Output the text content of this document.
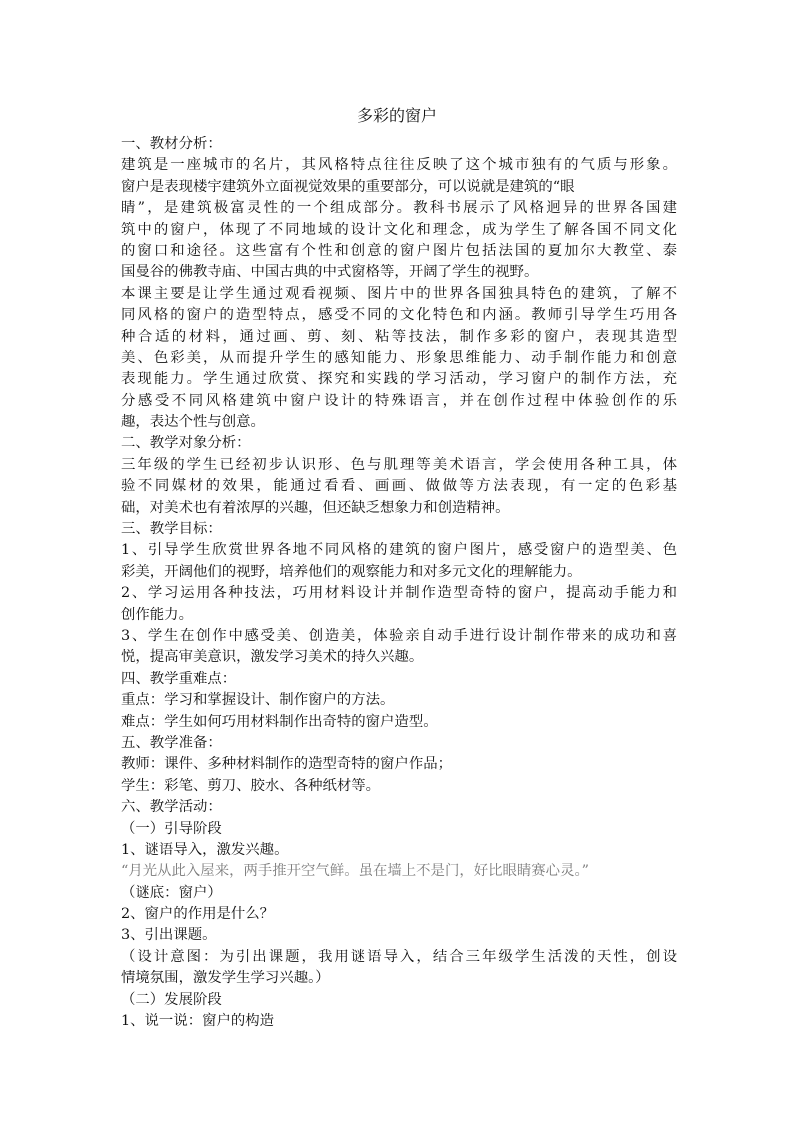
多彩的窗户
一、教材分析：
建筑是一座城市的名片，其风格特点往往反映了这个城市独有的气质与形象。
窗户是表现楼宇建筑外立面视觉效果的重要部分，可以说就是建筑的“眼
睛”，是建筑极富灵性的一个组成部分。教科书展示了风格迥异的世界各国建
筑中的窗户，体现了不同地域的设计文化和理念，成为学生了解各国不同文化
的窗口和途径。这些富有个性和创意的窗户图片包括法国的夏加尔大教堂、泰
国曼谷的佛教寺庙、中国古典的中式窗格等，开阔了学生的视野。
本课主要是让学生通过观看视频、图片中的世界各国独具特色的建筑，了解不
同风格的窗户的造型特点，感受不同的文化特色和内涵。教师引导学生巧用各
种合适的材料，通过画、剪、刻、粘等技法，制作多彩的窗户，表现其造型
美、色彩美，从而提升学生的感知能力、形象思维能力、动手制作能力和创意
表现能力。学生通过欣赏、探究和实践的学习活动，学习窗户的制作方法，充
分感受不同风格建筑中窗户设计的特殊语言，并在创作过程中体验创作的乐
趣，表达个性与创意。
二、教学对象分析：
三年级的学生已经初步认识形、色与肌理等美术语言，学会使用各种工具，体
验不同媒材的效果，能通过看看、画画、做做等方法表现，有一定的色彩基
础，对美术也有着浓厚的兴趣，但还缺乏想象力和创造精神。
三、教学目标：
1、引导学生欣赏世界各地不同风格的建筑的窗户图片，感受窗户的造型美、色
彩美，开阔他们的视野，培养他们的观察能力和对多元文化的理解能力。
2、学习运用各种技法，巧用材料设计并制作造型奇特的窗户，提高动手能力和
创作能力。
3、学生在创作中感受美、创造美，体验亲自动手进行设计制作带来的成功和喜
悦，提高审美意识，激发学习美术的持久兴趣。
四、教学重难点：
重点：学习和掌握设计、制作窗户的方法。
难点：学生如何巧用材料制作出奇特的窗户造型。
五、教学准备：
教师：课件、多种材料制作的造型奇特的窗户作品；
学生：彩笔、剪刀、胶水、各种纸材等。
六、教学活动：
（一）引导阶段
1、谜语导入，激发兴趣。
“月光从此入屋来，两手推开空气鲜。虽在墙上不是门，好比眼睛赛心灵。”
（谜底：窗户）
2、窗户的作用是什么？
3、引出课题。
（设计意图：为引出课题，我用谜语导入，结合三年级学生活泼的天性，创设
情境氛围，激发学生学习兴趣。）
（二）发展阶段
1、说一说：窗户的构造
